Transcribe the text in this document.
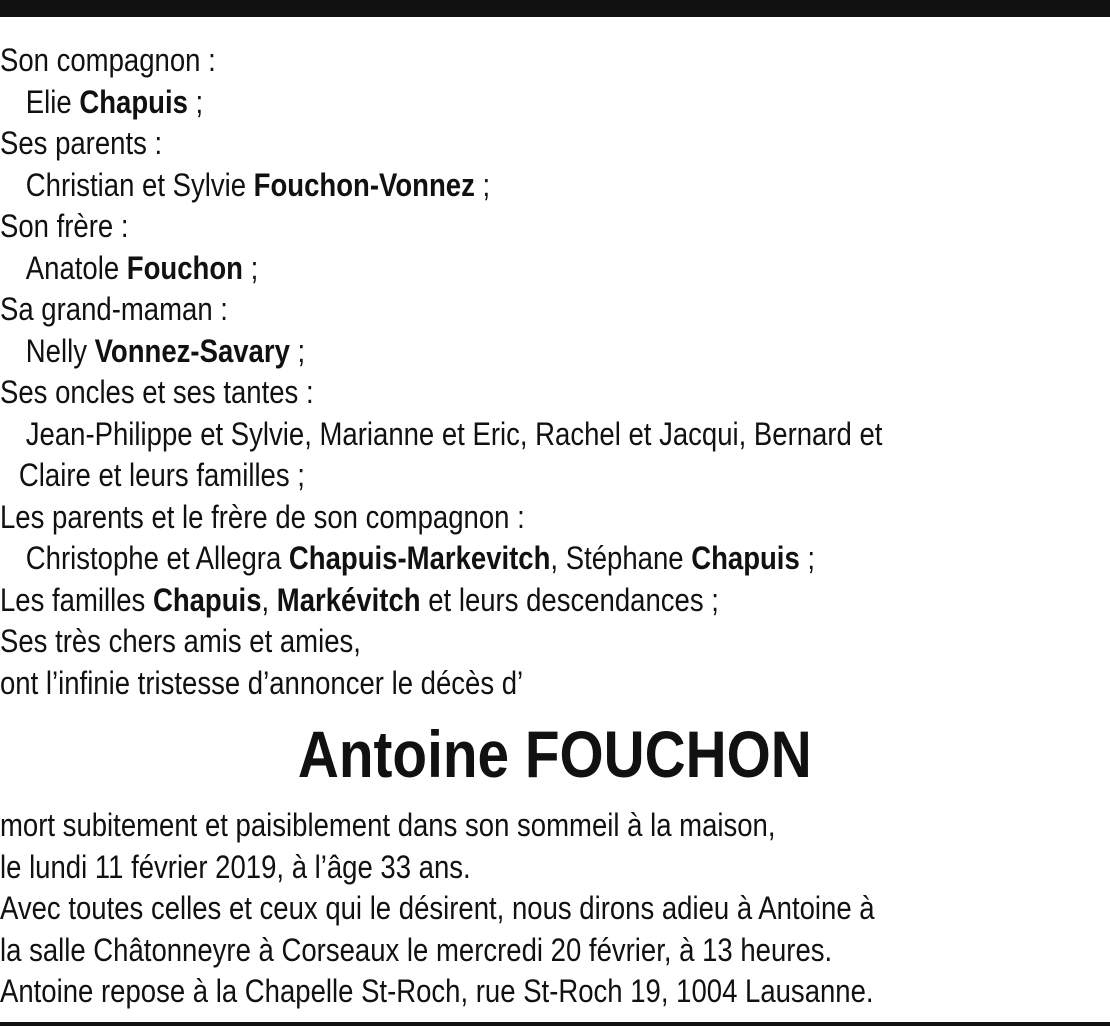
Son compagnon :
Elie Chapuis ;
Ses parents :
Christian et Sylvie Fouchon-Vonnez ;
Son frère :
Anatole Fouchon ;
Sa grand-maman :
Nelly Vonnez-Savary ;
Ses oncles et ses tantes :
Jean-Philippe et Sylvie, Marianne et Eric, Rachel et Jacqui, Bernard et
Claire et leurs familles ;
Les parents et le frère de son compagnon :
Christophe et Allegra Chapuis-Markevitch, Stéphane Chapuis ;
Les familles Chapuis, Markévitch et leurs descendances ;
Ses très chers amis et amies,
ont l’infinie tristesse d’annoncer le décès d’
Antoine FOUCHON
mort subitement et paisiblement dans son sommeil à la maison,
le lundi 11 février 2019, à l’âge 33 ans.
Avec toutes celles et ceux qui le désirent, nous dirons adieu à Antoine à
la salle Châtonneyre à Corseaux le mercredi 20 février, à 13 heures.
Antoine repose à la Chapelle St-Roch, rue St-Roch 19, 1004 Lausanne.
